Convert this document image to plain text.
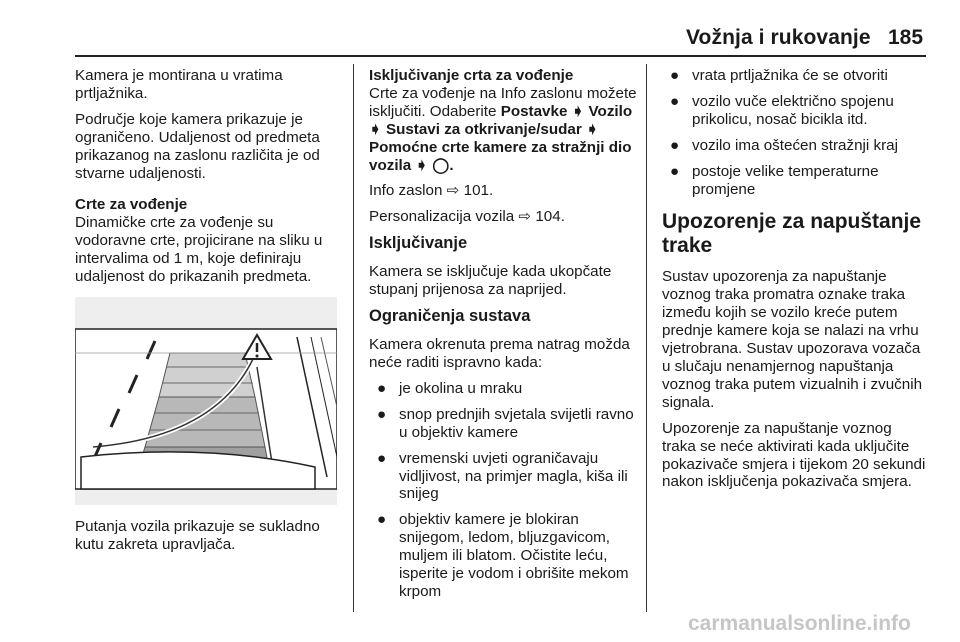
Vožnja i rukovanje 185

Kamera je montirana u vratima prtljažnika.

Područje koje kamera prikazuje je ograničeno. Udaljenost od predmeta prikazanog na zaslonu različita je od stvarne udaljenosti.

Crte za vođenje

Dinamičke crte za vođenje su vodoravne crte, projicirane na sliku u intervalima od 1 m, koje definiraju udaljenost do prikazanih predmeta.

Putanja vozila prikazuje se sukladno kutu zakreta upravljača.

Isključivanje crta za vođenje

Crte za vođenje na Info zaslonu možete isključiti. Odaberite Postavke ➧ Vozilo ➧ Sustavi za otkrivanje/sudar ➧ Pomoćne crte kamere za stražnji dio vozila ➧ ◯.

Info zaslon ⇨ 101.

Personalizacija vozila ⇨ 104.

Isključivanje

Kamera se isključuje kada ukopčate stupanj prijenosa za naprijed.

Ograničenja sustava

Kamera okrenuta prema natrag možda neće raditi ispravno kada:

● je okolina u mraku
● snop prednjih svjetala svijetli ravno u objektiv kamere
● vremenski uvjeti ograničavaju vidljivost, na primjer magla, kiša ili snijeg
● objektiv kamere je blokiran snijegom, ledom, bljuzgavicom, muljem ili blatom. Očistite leću, isperite je vodom i obrišite mekom krpom
● vrata prtljažnika će se otvoriti
● vozilo vuče električno spojenu prikolicu, nosač bicikla itd.
● vozilo ima oštećen stražnji kraj
● postoje velike temperaturne promjene
Upozorenje za napuštanje trake

Sustav upozorenja za napuštanje voznog traka promatra oznake traka između kojih se vozilo kreće putem prednje kamere koja se nalazi na vrhu vjetrobrana. Sustav upozorava vozača u slučaju nenamjernog napuštanja voznog traka putem vizualnih i zvučnih signala.

Upozorenje za napuštanje voznog traka se neće aktivirati kada uključite pokazivače smjera i tijekom 20 sekundi nakon isključenja pokazivača smjera.

carmanualsonline.info
